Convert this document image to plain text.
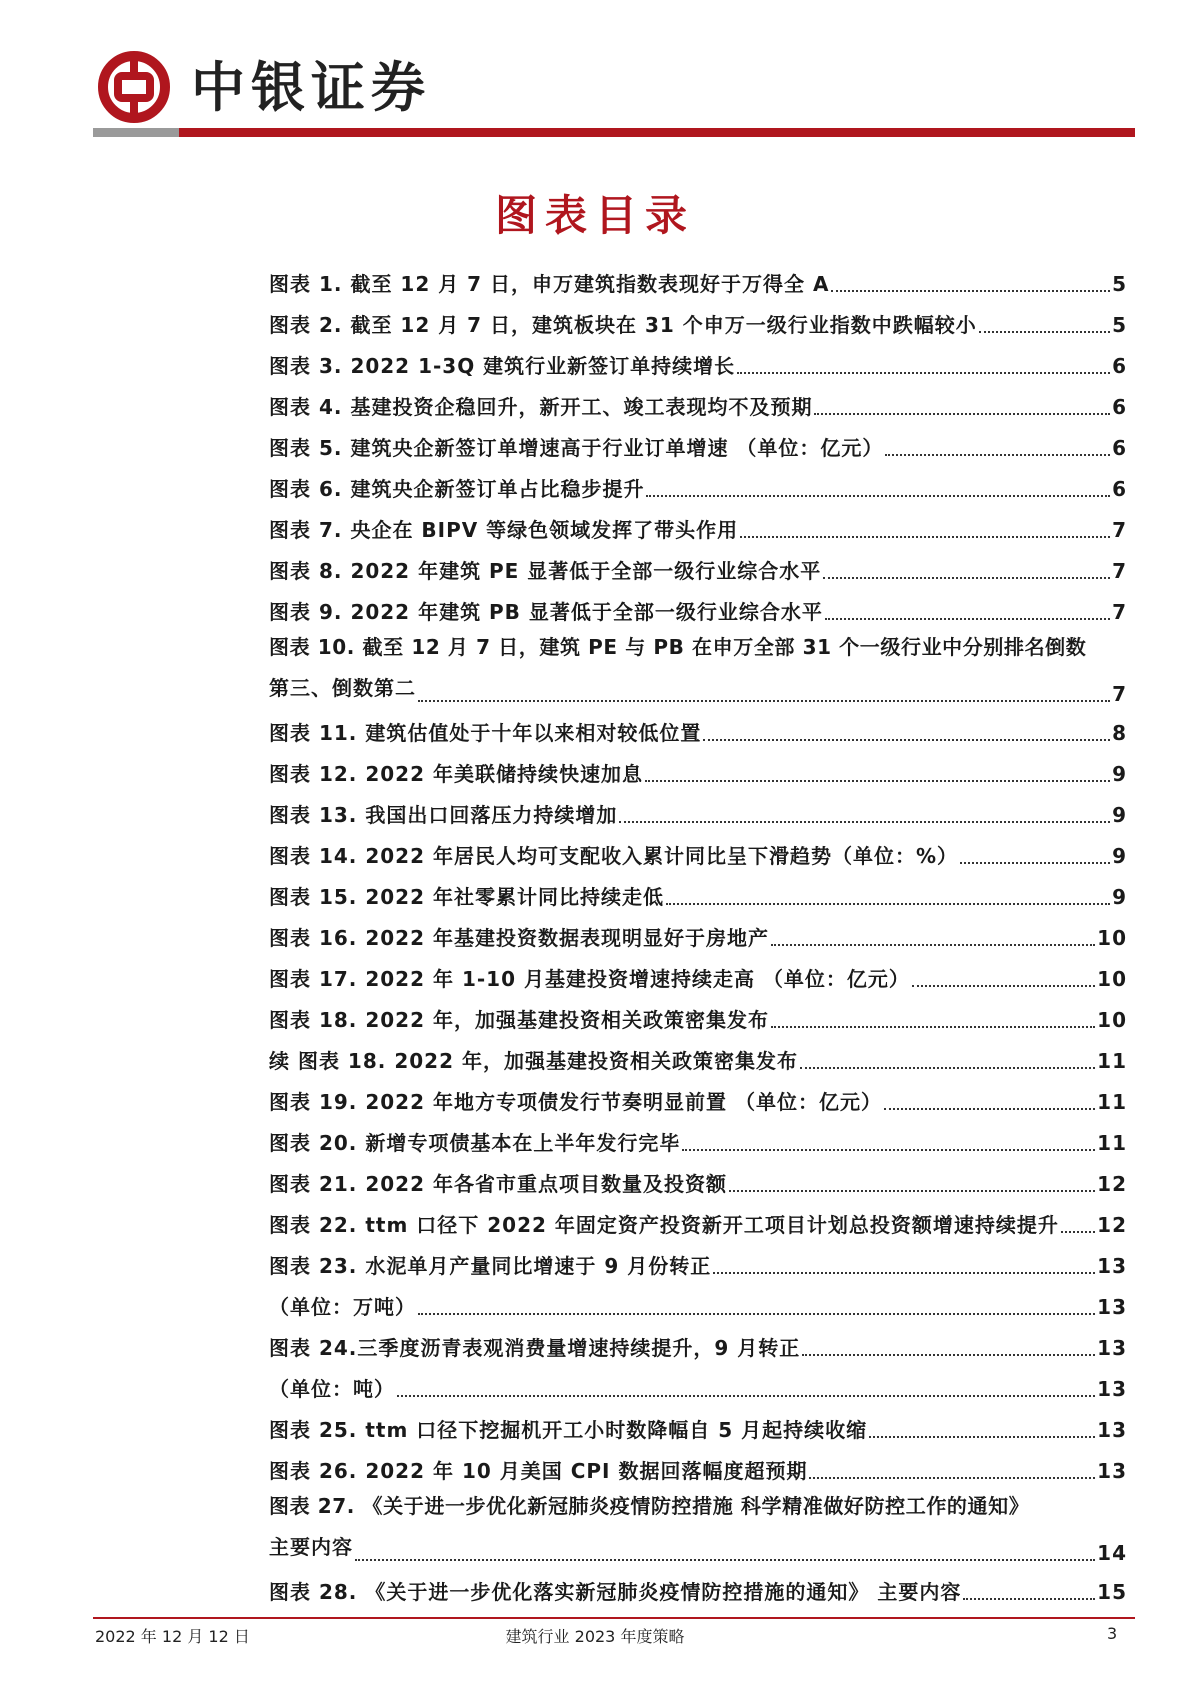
中银证券
图表目录
图表 1. 截至 12 月 7 日，申万建筑指数表现好于万得全 A	5
图表 2. 截至 12 月 7 日，建筑板块在 31 个申万一级行业指数中跌幅较小	5
图表 3. 2022 1-3Q 建筑行业新签订单持续增长	6
图表 4. 基建投资企稳回升，新开工、竣工表现均不及预期	6
图表 5. 建筑央企新签订单增速高于行业订单增速 （单位：亿元）	6
图表 6. 建筑央企新签订单占比稳步提升	6
图表 7. 央企在 BIPV 等绿色领域发挥了带头作用	7
图表 8. 2022 年建筑 PE 显著低于全部一级行业综合水平	7
图表 9. 2022 年建筑 PB 显著低于全部一级行业综合水平	7
图表 10. 截至 12 月 7 日，建筑 PE 与 PB 在申万全部 31 个一级行业中分别排名倒数
第三、倒数第二	7
图表 11. 建筑估值处于十年以来相对较低位置	8
图表 12. 2022 年美联储持续快速加息	9
图表 13. 我国出口回落压力持续增加	9
图表 14. 2022 年居民人均可支配收入累计同比呈下滑趋势（单位：%）	9
图表 15. 2022 年社零累计同比持续走低	9
图表 16. 2022 年基建投资数据表现明显好于房地产	10
图表 17. 2022 年 1-10 月基建投资增速持续走高 （单位：亿元）	10
图表 18. 2022 年，加强基建投资相关政策密集发布	10
续 图表 18. 2022 年，加强基建投资相关政策密集发布	11
图表 19. 2022 年地方专项债发行节奏明显前置 （单位：亿元）	11
图表 20. 新增专项债基本在上半年发行完毕	11
图表 21. 2022 年各省市重点项目数量及投资额	12
图表 22. ttm 口径下 2022 年固定资产投资新开工项目计划总投资额增速持续提升 12
图表 23. 水泥单月产量同比增速于 9 月份转正	13
（单位：万吨）	13
图表 24.三季度沥青表观消费量增速持续提升，9 月转正	13
（单位：吨）	13
图表 25. ttm 口径下挖掘机开工小时数降幅自 5 月起持续收缩	13
图表 26. 2022 年 10 月美国 CPI 数据回落幅度超预期	13
图表 27. 《关于进一步优化新冠肺炎疫情防控措施 科学精准做好防控工作的通知》
主要内容	14
图表 28. 《关于进一步优化落实新冠肺炎疫情防控措施的通知》 主要内容	15
2022 年 12 月 12 日	建筑行业 2023 年度策略	3
